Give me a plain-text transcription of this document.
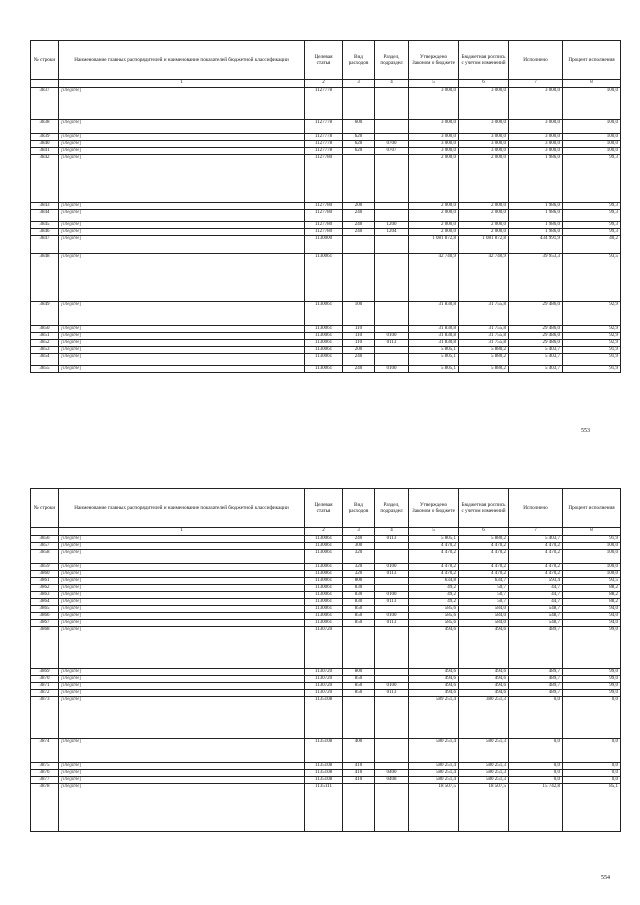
№ строки	Наименование главных распорядителей и наименование показателей бюджетной классификации	Целевая статья	Вид расходов	Раздел, подраздел	Утверждено Законом о бюджете	Бюджетная роспись с учетом изменений	Исполнено	Процент исполнения
	1	2	3	4	5	6	7	8
3837	[illegible]	1127778			3 000,0	3 000,0	3 000,0	100,0
3838	[illegible]	1127778	600		3 000,0	3 000,0	3 000,0	100,0
3839	[illegible]	1127778	620		3 000,0	3 000,0	3 000,0	100,0
3840	[illegible]	1127778	620	0700	3 000,0	3 000,0	3 000,0	100,0
3841	[illegible]	1127778	620	0707	3 000,0	3 000,0	3 000,0	100,0
3842	[illegible]	1127780			2 000,0	2 000,0	1 986,0	99,3
3843	[illegible]	1127780	200		2 000,0	2 000,0	1 986,0	99,3
3844	[illegible]	1127780	240		2 000,0	2 000,0	1 986,0	99,3
3845	[illegible]	1127780	240	1200	2 000,0	2 000,0	1 986,0	99,3
3846	[illegible]	1127780	240	1204	2 000,0	2 000,0	1 986,0	99,3
3847	[illegible]	1130000			1 081 872,8	1 081 872,8	434 991,9	40,2
3848	[illegible]	1130061			42 740,9	42 740,9	39 953,3	93,5
3849	[illegible]	1130061	100		31 830,8	31 755,8	29 486,0	92,9
3850	[illegible]	1130061	110		31 830,8	31 755,8	29 486,0	92,9
3851	[illegible]	1130061	110	0100	31 830,8	31 755,8	29 486,0	92,9
3852	[illegible]	1130061	110	0113	31 830,8	31 755,8	29 486,0	92,9
3853	[illegible]	1130061	200		5 805,1	5 880,2	5 403,7	91,9
3854	[illegible]	1130061	240		5 805,1	5 880,2	5 403,7	91,9
3855	[illegible]	1130061	240	0100	5 805,1	5 880,2	5 403,7	91,9
553
№ строки	Наименование главных распорядителей и наименование показателей бюджетной классификации	Целевая статья	Вид расходов	Раздел, подраздел	Утверждено Законом о бюджете	Бюджетная роспись с учетом изменений	Исполнено	Процент исполнения
	1	2	3	4	5	6	7	8
3856	[illegible]	1130061	240	0113	5 805,1	5 880,2	5 403,7	91,9
3857	[illegible]	1130061	300		4 470,2	4 470,2	4 470,2	100,0
3858	[illegible]	1130061	320		4 470,2	4 470,2	4 470,2	100,0
3859	[illegible]	1130061	320	0100	4 470,2	4 470,2	4 470,2	100,0
3860	[illegible]	1130061	320	0113	4 470,2	4 470,2	4 470,2	100,0
3861	[illegible]	1130061	800		634,8	634,7	593,4	93,5
3862	[illegible]	1130061	830		49,2	50,7	44,7	88,2
3863	[illegible]	1130061	830	0100	49,2	50,7	44,7	88,2
3864	[illegible]	1130061	830	0113	49,2	50,7	44,7	88,2
3865	[illegible]	1130061	850		585,6	584,0	548,7	94,0
3866	[illegible]	1130061	850	0100	585,6	584,0	548,7	94,0
3867	[illegible]	1130061	850	0113	585,6	584,0	548,7	94,0
3868	[illegible]	1130720			494,6	494,6	489,7	99,0
3869	[illegible]	1130720	800		494,6	494,6	489,7	99,0
3870	[illegible]	1130720	850		494,6	494,6	489,7	99,0
3871	[illegible]	1130720	850	0100	494,6	494,6	489,7	99,0
3872	[illegible]	1130720	850	0113	494,6	494,6	489,7	99,0
3873	[illegible]	1135108			589 251,4	380 251,3	0,0	0,0
3874	[illegible]	1135108	400		580 251,4	580 251,3	0,0	0,0
3875	[illegible]	1135108	410		580 251,4	580 251,3	0,0	0,0
3876	[illegible]	1135108	410	0400	580 251,4	580 251,3	0,0	0,0
3877	[illegible]	1135108	410	0408	580 251,4	580 251,3	0,0	0,0
3878	[illegible]	1135111			18 507,5	18 507,5	15 742,8	85,1
554
